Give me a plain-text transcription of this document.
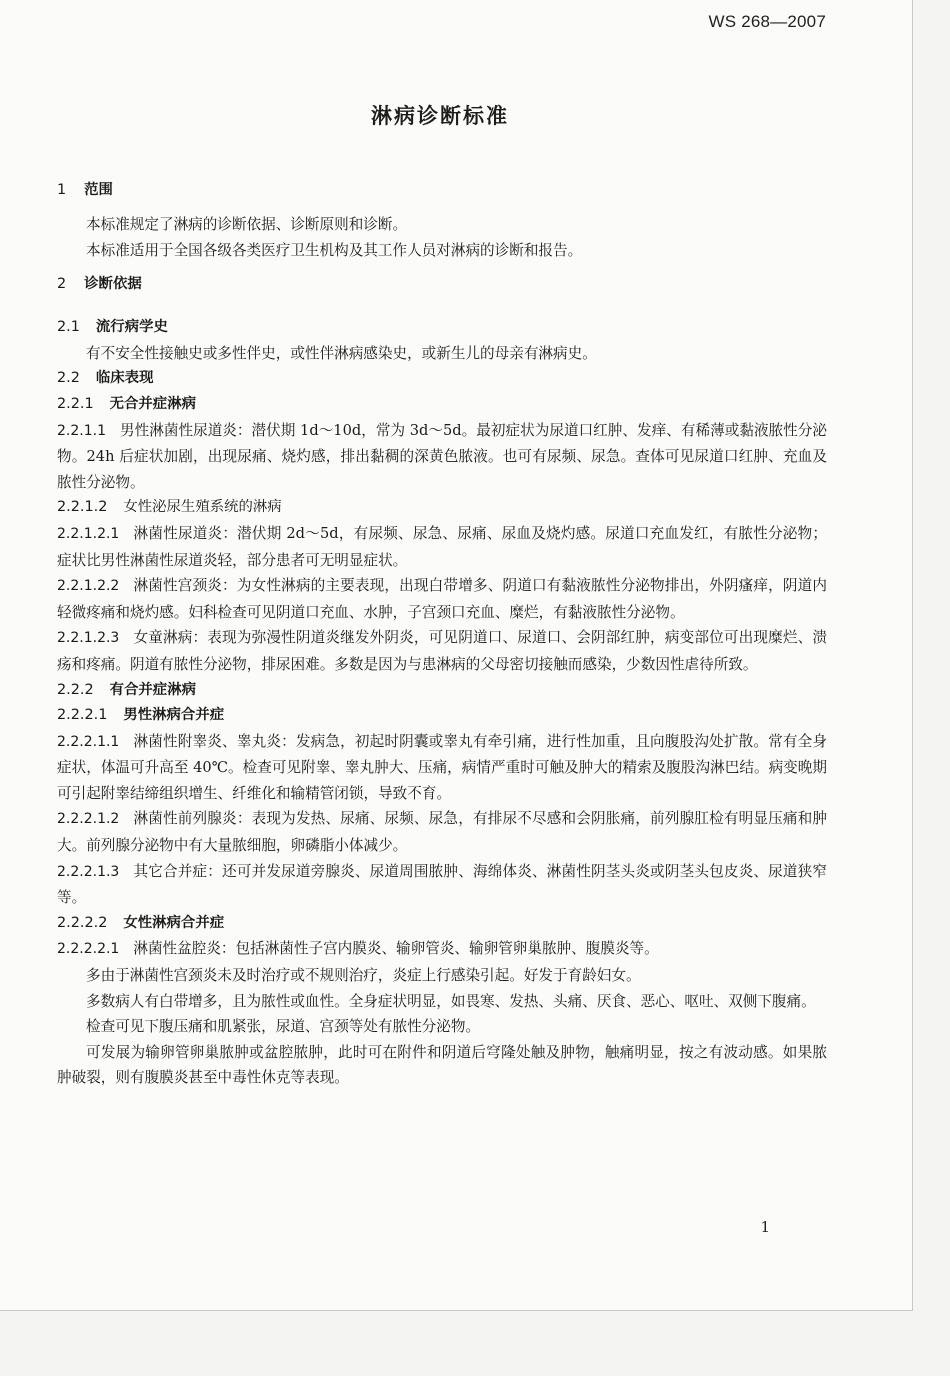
WS 268—2007
淋病诊断标准

1 范围

本标准规定了淋病的诊断依据、诊断原则和诊断。

本标准适用于全国各级各类医疗卫生机构及其工作人员对淋病的诊断和报告。

2 诊断依据

2.1 流行病学史

有不安全性接触史或多性伴史，或性伴淋病感染史，或新生儿的母亲有淋病史。

2.2 临床表现

2.2.1 无合并症淋病

2.2.1.1 男性淋菌性尿道炎：潜伏期 1d～10d，常为 3d～5d。最初症状为尿道口红肿、发痒、有稀薄或黏液脓性分泌物。24h 后症状加剧，出现尿痛、烧灼感，排出黏稠的深黄色脓液。也可有尿频、尿急。查体可见尿道口红肿、充血及脓性分泌物。

2.2.1.2 女性泌尿生殖系统的淋病

2.2.1.2.1 淋菌性尿道炎：潜伏期 2d～5d，有尿频、尿急、尿痛、尿血及烧灼感。尿道口充血发红，有脓性分泌物；症状比男性淋菌性尿道炎轻，部分患者可无明显症状。

2.2.1.2.2 淋菌性宫颈炎：为女性淋病的主要表现，出现白带增多、阴道口有黏液脓性分泌物排出，外阴瘙痒，阴道内轻微疼痛和烧灼感。妇科检查可见阴道口充血、水肿，子宫颈口充血、糜烂，有黏液脓性分泌物。

2.2.1.2.3 女童淋病：表现为弥漫性阴道炎继发外阴炎，可见阴道口、尿道口、会阴部红肿，病变部位可出现糜烂、溃疡和疼痛。阴道有脓性分泌物，排尿困难。多数是因为与患淋病的父母密切接触而感染，少数因性虐待所致。

2.2.2 有合并症淋病

2.2.2.1 男性淋病合并症

2.2.2.1.1 淋菌性附睾炎、睾丸炎：发病急，初起时阴囊或睾丸有牵引痛，进行性加重，且向腹股沟处扩散。常有全身症状，体温可升高至 40℃。检查可见附睾、睾丸肿大、压痛，病情严重时可触及肿大的精索及腹股沟淋巴结。病变晚期可引起附睾结缔组织增生、纤维化和输精管闭锁，导致不育。

2.2.2.1.2 淋菌性前列腺炎：表现为发热、尿痛、尿频、尿急，有排尿不尽感和会阴胀痛，前列腺肛检有明显压痛和肿大。前列腺分泌物中有大量脓细胞，卵磷脂小体减少。

2.2.2.1.3 其它合并症：还可并发尿道旁腺炎、尿道周围脓肿、海绵体炎、淋菌性阴茎头炎或阴茎头包皮炎、尿道狭窄等。

2.2.2.2 女性淋病合并症

2.2.2.2.1 淋菌性盆腔炎：包括淋菌性子宫内膜炎、输卵管炎、输卵管卵巢脓肿、腹膜炎等。

多由于淋菌性宫颈炎未及时治疗或不规则治疗，炎症上行感染引起。好发于育龄妇女。

多数病人有白带增多，且为脓性或血性。全身症状明显，如畏寒、发热、头痛、厌食、恶心、呕吐、双侧下腹痛。

检查可见下腹压痛和肌紧张，尿道、宫颈等处有脓性分泌物。

可发展为输卵管卵巢脓肿或盆腔脓肿，此时可在附件和阴道后穹隆处触及肿物，触痛明显，按之有波动感。如果脓肿破裂，则有腹膜炎甚至中毒性休克等表现。

1
